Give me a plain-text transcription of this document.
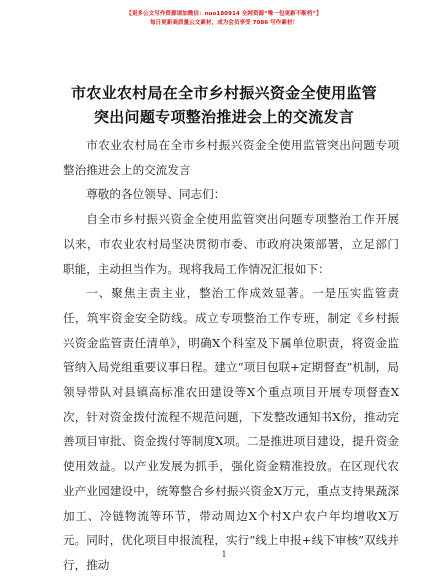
【更多公文写作资源请加微信：nuo180914 全网资源“唯一包更新不断档”】
每日更新高质量公文素材，成为会员享受 7086 写作素材！
市农业农村局在全市乡村振兴资金全使用监管
突出问题专项整治推进会上的交流发言

市农业农村局在全市乡村振兴资金全使用监管突出问题专项整治推进会上的交流发言

尊敬的各位领导、同志们：

自全市乡村振兴资金全使用监管突出问题专项整治工作开展以来，市农业农村局坚决贯彻市委、市政府决策部署，立足部门职能，主动担当作为。现将我局工作情况汇报如下：

一、聚焦主责主业，整治工作成效显著。一是压实监管责任，筑牢资金安全防线。成立专项整治工作专班，制定《乡村振兴资金监管责任清单》，明确X个科室及下属单位职责，将资金监管纳入局党组重要议事日程。建立“项目包联+定期督查”机制，局领导带队对县镇高标准农田建设等X个重点项目开展专项督查X次，针对资金拨付流程不规范问题，下发整改通知书X份，推动完善项目审批、资金拨付等制度X项。二是推进项目建设，提升资金使用效益。以产业发展为抓手，强化资金精准投放。在区现代农业产业园建设中，统筹整合乡村振兴资金X万元，重点支持果蔬深加工、冷链物流等环节，带动周边X个村X户农户年均增收X万元。同时，优化项目申报流程，实行“线上申报+线下审核”双线并行，推动

1
